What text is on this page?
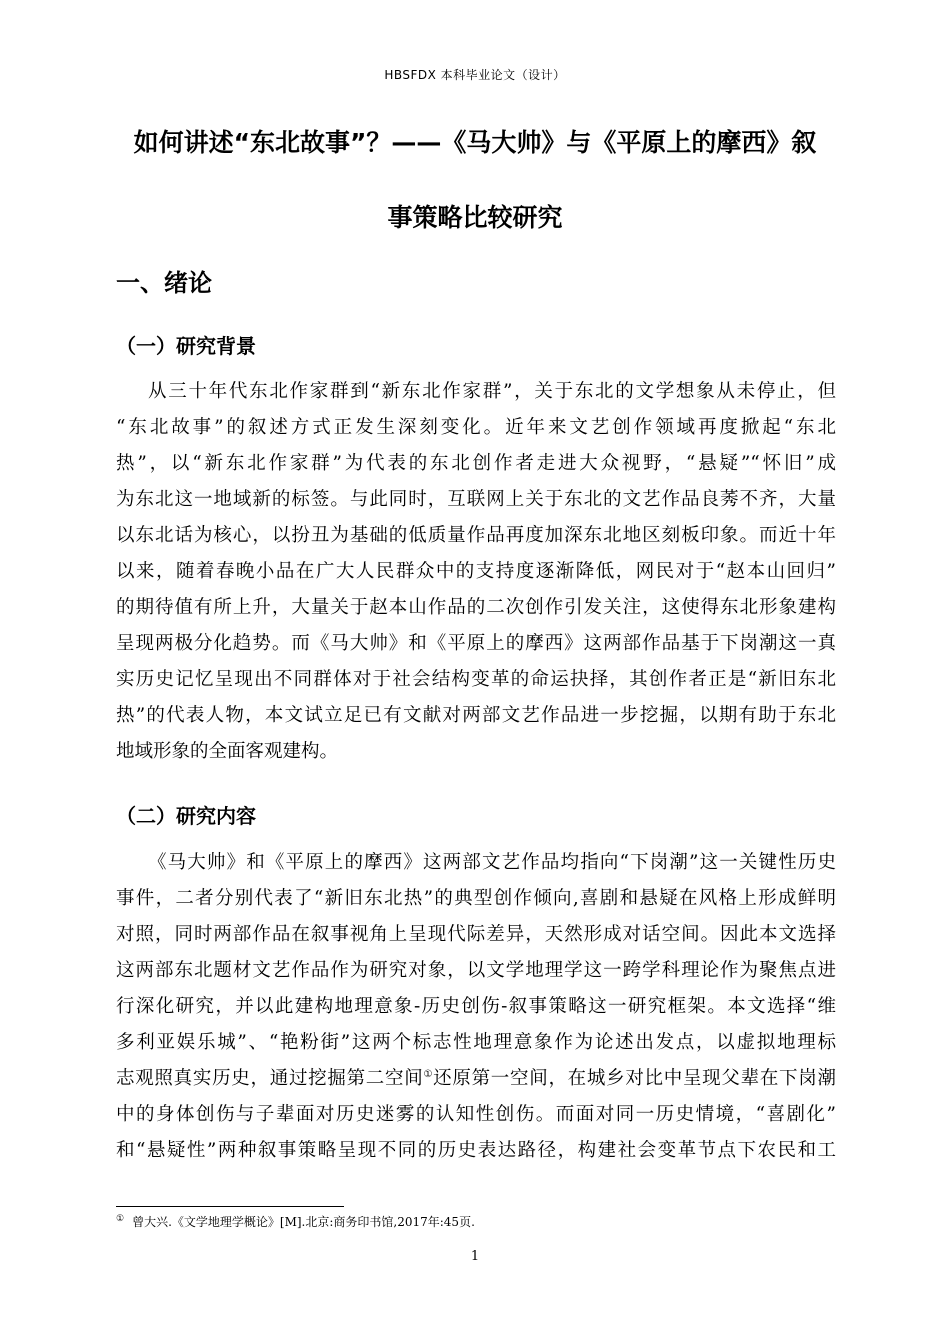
HBSFDX 本科毕业论文（设计）
如何讲述“东北故事”？——《马大帅》与《平原上的摩西》叙
事策略比较研究
一、绪论
（一）研究背景
从三十年代东北作家群到“新东北作家群”，关于东北的文学想象从未停止，但
“东北故事”的叙述方式正发生深刻变化。近年来文艺创作领域再度掀起“东北
热”，以“新东北作家群”为代表的东北创作者走进大众视野，“悬疑”“怀旧”成
为东北这一地域新的标签。与此同时，互联网上关于东北的文艺作品良莠不齐，大量
以东北话为核心，以扮丑为基础的低质量作品再度加深东北地区刻板印象。而近十年
以来，随着春晚小品在广大人民群众中的支持度逐渐降低，网民对于“赵本山回归”
的期待值有所上升，大量关于赵本山作品的二次创作引发关注，这使得东北形象建构
呈现两极分化趋势。而《马大帅》和《平原上的摩西》这两部作品基于下岗潮这一真
实历史记忆呈现出不同群体对于社会结构变革的命运抉择，其创作者正是“新旧东北
热”的代表人物，本文试立足已有文献对两部文艺作品进一步挖掘，以期有助于东北
地域形象的全面客观建构。
（二）研究内容
《马大帅》和《平原上的摩西》这两部文艺作品均指向“下岗潮”这一关键性历史
事件，二者分别代表了“新旧东北热”的典型创作倾向,喜剧和悬疑在风格上形成鲜明
对照，同时两部作品在叙事视角上呈现代际差异，天然形成对话空间。因此本文选择
这两部东北题材文艺作品作为研究对象，以文学地理学这一跨学科理论作为聚焦点进
行深化研究，并以此建构地理意象-历史创伤-叙事策略这一研究框架。本文选择“维
多利亚娱乐城”、“艳粉街”这两个标志性地理意象作为论述出发点，以虚拟地理标
志观照真实历史，通过挖掘第二空间①还原第一空间，在城乡对比中呈现父辈在下岗潮
中的身体创伤与子辈面对历史迷雾的认知性创伤。而面对同一历史情境，“喜剧化”
和“悬疑性”两种叙事策略呈现不同的历史表达路径，构建社会变革节点下农民和工
① 曾大兴.《文学地理学概论》[M].北京:商务印书馆,2017年:45页.
1
